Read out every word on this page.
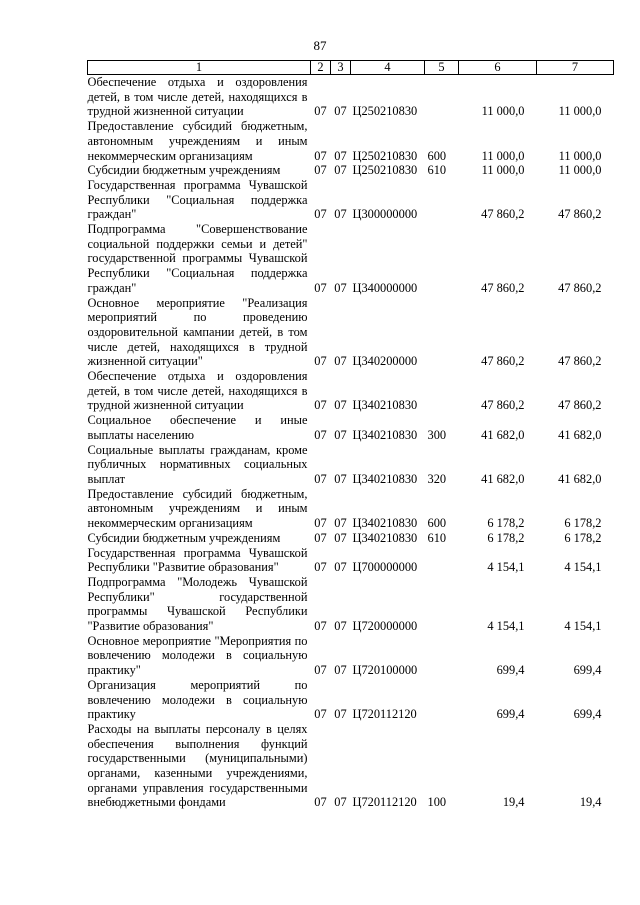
87
1	2	3	4	5	6	7
Обеспечение отдыха и оздоровления детей, в том числе детей, находящихся в трудной жизненной ситуации	07	07	Ц250210830		11 000,0	11 000,0
Предоставление субсидий бюджетным, автономным учреждениям и иным некоммерческим организациям	07	07	Ц250210830	600	11 000,0	11 000,0
Субсидии бюджетным учреждениям	07	07	Ц250210830	610	11 000,0	11 000,0
Государственная программа Чувашской Республики "Социальная поддержка граждан"	07	07	Ц300000000		47 860,2	47 860,2
Подпрограмма "Совершенствование социальной поддержки семьи и детей" государственной программы Чувашской Республики "Социальная поддержка граждан"	07	07	Ц340000000		47 860,2	47 860,2
Основное мероприятие "Реализация мероприятий по проведению оздоровительной кампании детей, в том числе детей, находящихся в трудной жизненной ситуации"	07	07	Ц340200000		47 860,2	47 860,2
Обеспечение отдыха и оздоровления детей, в том числе детей, находящихся в трудной жизненной ситуации	07	07	Ц340210830		47 860,2	47 860,2
Социальное обеспечение и иные выплаты населению	07	07	Ц340210830	300	41 682,0	41 682,0
Социальные выплаты гражданам, кроме публичных нормативных социальных выплат	07	07	Ц340210830	320	41 682,0	41 682,0
Предоставление субсидий бюджетным, автономным учреждениям и иным некоммерческим организациям	07	07	Ц340210830	600	6 178,2	6 178,2
Субсидии бюджетным учреждениям	07	07	Ц340210830	610	6 178,2	6 178,2
Государственная программа Чувашской Республики "Развитие образования"	07	07	Ц700000000		4 154,1	4 154,1
Подпрограмма "Молодежь Чувашской Республики" государственной программы Чувашской Республики "Развитие образования"	07	07	Ц720000000		4 154,1	4 154,1
Основное мероприятие "Мероприятия по вовлечению молодежи в социальную практику"	07	07	Ц720100000		699,4	699,4
Организация мероприятий по вовлечению молодежи в социальную практику	07	07	Ц720112120		699,4	699,4
Расходы на выплаты персоналу в целях обеспечения выполнения функций государственными (муниципальными) органами, казенными учреждениями, органами управления государственными внебюджетными фондами	07	07	Ц720112120	100	19,4	19,4
